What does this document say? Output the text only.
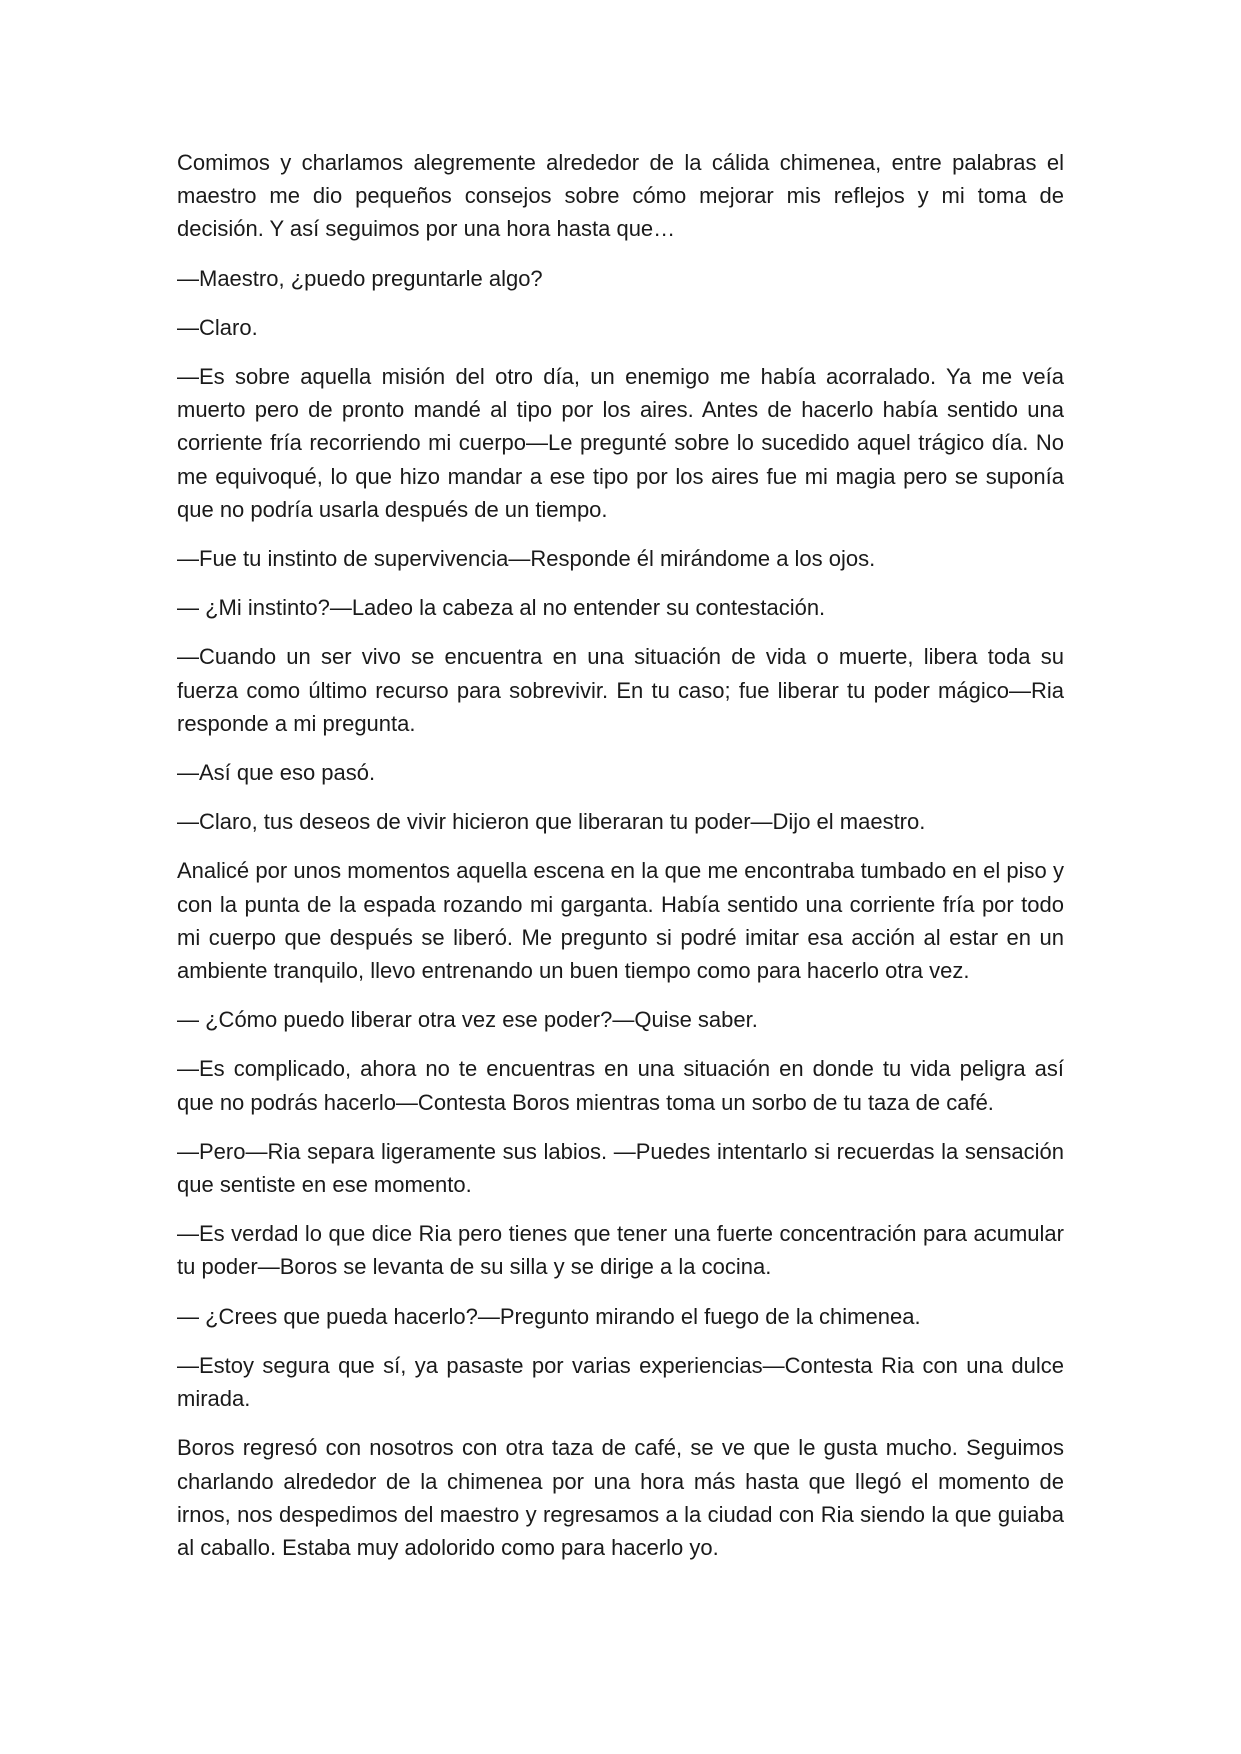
Comimos y charlamos alegremente alrededor de la cálida chimenea, entre palabras el maestro me dio pequeños consejos sobre cómo mejorar mis reflejos y mi toma de decisión. Y así seguimos por una hora hasta que…

—Maestro, ¿puedo preguntarle algo?

—Claro.

—Es sobre aquella misión del otro día, un enemigo me había acorralado. Ya me veía muerto pero de pronto mandé al tipo por los aires. Antes de hacerlo había sentido una corriente fría recorriendo mi cuerpo—Le pregunté sobre lo sucedido aquel trágico día. No me equivoqué, lo que hizo mandar a ese tipo por los aires fue mi magia pero se suponía que no podría usarla después de un tiempo.

—Fue tu instinto de supervivencia—Responde él mirándome a los ojos.

— ¿Mi instinto?—Ladeo la cabeza al no entender su contestación.

—Cuando un ser vivo se encuentra en una situación de vida o muerte, libera toda su fuerza como último recurso para sobrevivir. En tu caso; fue liberar tu poder mágico—Ria responde a mi pregunta.

—Así que eso pasó.

—Claro, tus deseos de vivir hicieron que liberaran tu poder—Dijo el maestro.

Analicé por unos momentos aquella escena en la que me encontraba tumbado en el piso y con la punta de la espada rozando mi garganta. Había sentido una corriente fría por todo mi cuerpo que después se liberó. Me pregunto si podré imitar esa acción al estar en un ambiente tranquilo, llevo entrenando un buen tiempo como para hacerlo otra vez.

— ¿Cómo puedo liberar otra vez ese poder?—Quise saber.

—Es complicado, ahora no te encuentras en una situación en donde tu vida peligra así que no podrás hacerlo—Contesta Boros mientras toma un sorbo de tu taza de café.

—Pero—Ria separa ligeramente sus labios. —Puedes intentarlo si recuerdas la sensación que sentiste en ese momento.

—Es verdad lo que dice Ria pero tienes que tener una fuerte concentración para acumular tu poder—Boros se levanta de su silla y se dirige a la cocina.

— ¿Crees que pueda hacerlo?—Pregunto mirando el fuego de la chimenea.

—Estoy segura que sí, ya pasaste por varias experiencias—Contesta Ria con una dulce mirada.

Boros regresó con nosotros con otra taza de café, se ve que le gusta mucho. Seguimos charlando alrededor de la chimenea por una hora más hasta que llegó el momento de irnos, nos despedimos del maestro y regresamos a la ciudad con Ria siendo la que guiaba al caballo. Estaba muy adolorido como para hacerlo yo.
